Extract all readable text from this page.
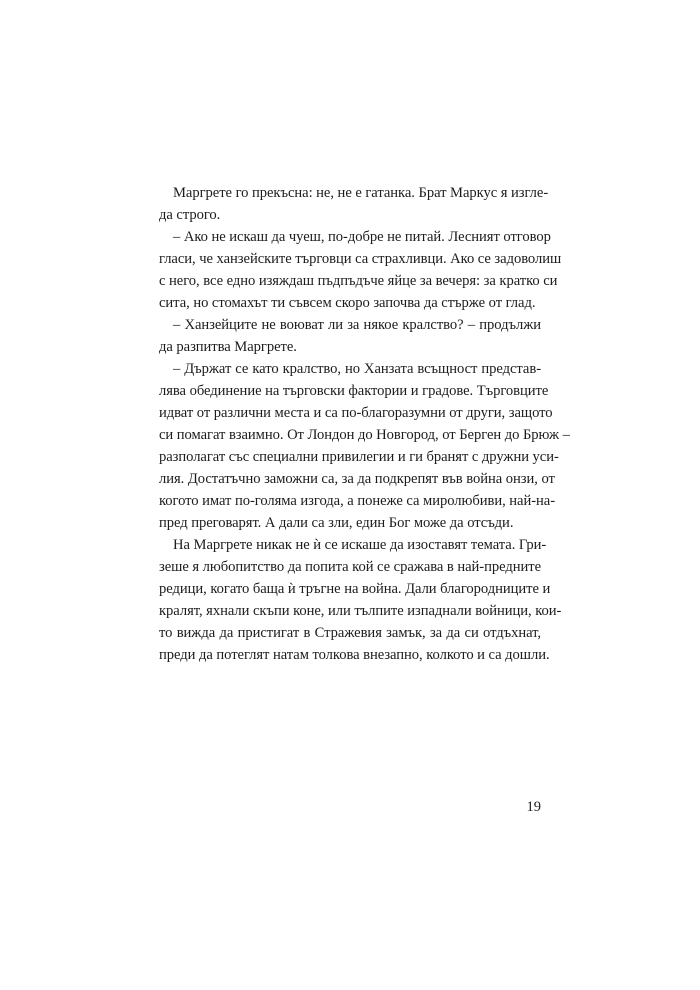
Маргрете го прекъсна: не, не е гатанка. Брат Маркус я изгле-
да строго.
– Ако не искаш да чуеш, по-добре не питай. Лесният отговор
гласи, че ханзейските търговци са страхливци. Ако се задоволиш
с него, все едно изяждаш пъдпъдъче яйце за вечеря: за кратко си
сита, но стомахът ти съвсем скоро започва да стърже от глад.
– Ханзейците не воюват ли за някое кралство? – продължи
да разпитва Маргрете.
– Държат се като кралство, но Ханзата всъщност представ-
лява обединение на търговски фактории и градове. Търговците
идват от различни места и са по-благоразумни от други, защото
си помагат взаимно. От Лондон до Новгород, от Берген до Брюж –
разполагат със специални привилегии и ги бранят с дружни уси-
лия. Достатъчно заможни са, за да подкрепят във война онзи, от
когото имат по-голяма изгода, а понеже са миролюбиви, най-на-
пред преговарят. А дали са зли, един Бог може да отсъди.
На Маргрете никак не ѝ се искаше да изоставят темата. Гри-
зеше я любопитство да попита кой се сражава в най-предните
редици, когато баща ѝ тръгне на война. Дали благородниците и
кралят, яхнали скъпи коне, или тълпите изпаднали войници, кои-
то вижда да пристигат в Стражевия замък, за да си отдъхнат,
преди да потеглят натам толкова внезапно, колкото и са дошли.
19
